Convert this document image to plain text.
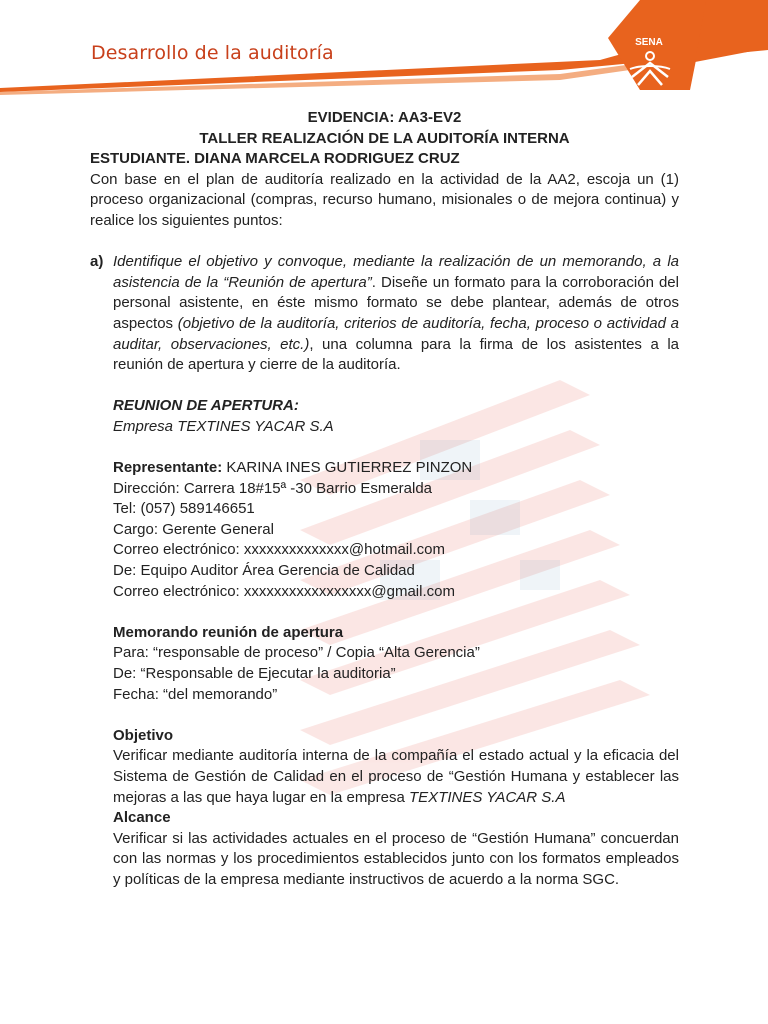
Desarrollo de la auditoría	SENA
EVIDENCIA: AA3-EV2
TALLER REALIZACIÓN DE LA AUDITORÍA INTERNA
ESTUDIANTE. DIANA MARCELA RODRIGUEZ CRUZ
Con base en el plan de auditoría realizado en la actividad de la AA2, escoja un (1) proceso organizacional (compras, recurso humano, misionales o de mejora continua) y realice los siguientes puntos:
a) Identifique el objetivo y convoque, mediante la realización de un memorando, a la asistencia de la “Reunión de apertura”. Diseñe un formato para la corroboración del personal asistente, en éste mismo formato se debe plantear, además de otros aspectos (objetivo de la auditoría, criterios de auditoría, fecha, proceso o actividad a auditar, observaciones, etc.), una columna para la firma de los asistentes a la reunión de apertura y cierre de la auditoría.
REUNION DE APERTURA:
Empresa TEXTINES YACAR S.A
Representante: KARINA INES GUTIERREZ PINZON
Dirección: Carrera 18#15ª -30 Barrio Esmeralda
Tel: (057) 589146651
Cargo: Gerente General
Correo electrónico: xxxxxxxxxxxxxx@hotmail.com
De: Equipo Auditor Área Gerencia de Calidad
Correo electrónico: xxxxxxxxxxxxxxxxx@gmail.com
Memorando reunión de apertura
Para: “responsable de proceso” / Copia “Alta Gerencia”
De: “Responsable de Ejecutar la auditoria”
Fecha: “del memorando”
Objetivo
Verificar mediante auditoría interna de la compañía el estado actual y la eficacia del Sistema de Gestión de Calidad en el proceso de “Gestión Humana y establecer las mejoras a las que haya lugar en la empresa TEXTINES YACAR S.A
Alcance
Verificar si las actividades actuales en el proceso de “Gestión Humana” concuerdan con las normas y los procedimientos establecidos junto con los formatos empleados y políticas de la empresa mediante instructivos de acuerdo a la norma SGC.
